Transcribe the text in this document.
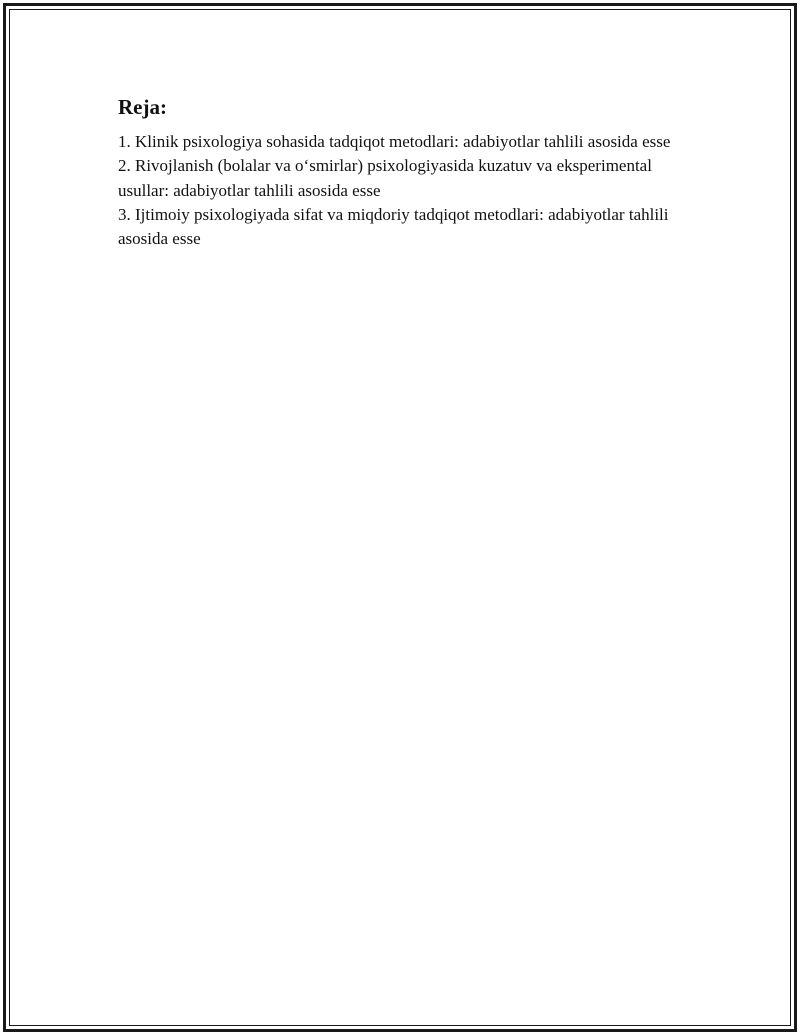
Reja:
1. Klinik psixologiya sohasida tadqiqot metodlari: adabiyotlar tahlili asosida esse
2. Rivojlanish (bolalar va o‘smirlar) psixologiyasida kuzatuv va eksperimental usullar: adabiyotlar tahlili asosida esse
3. Ijtimoiy psixologiyada sifat va miqdoriy tadqiqot metodlari: adabiyotlar tahlili asosida esse
